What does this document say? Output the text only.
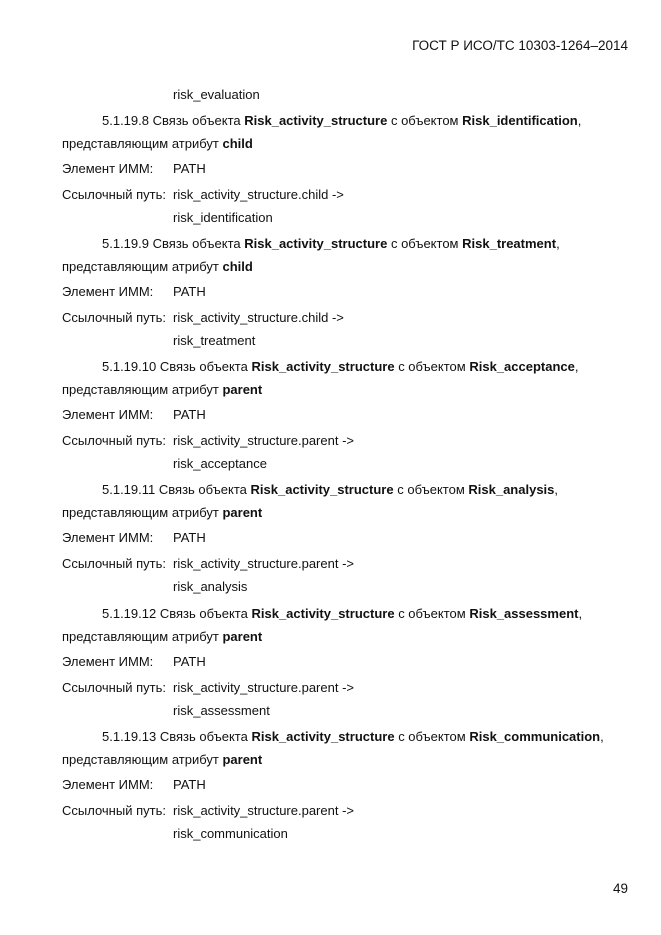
ГОСТ Р ИСО/ТС 10303-1264–2014
risk_evaluation
5.1.19.8 Связь объекта Risk_activity_structure с объектом Risk_identification,
представляющим атрибут child
Элемент ИММ: PATH
Ссылочный путь: risk_activity_structure.child ->
risk_identification
5.1.19.9 Связь объекта Risk_activity_structure с объектом Risk_treatment,
представляющим атрибут child
Элемент ИММ: PATH
Ссылочный путь: risk_activity_structure.child ->
risk_treatment
5.1.19.10 Связь объекта Risk_activity_structure с объектом Risk_acceptance,
представляющим атрибут parent
Элемент ИММ: PATH
Ссылочный путь: risk_activity_structure.parent ->
risk_acceptance
5.1.19.11 Связь объекта Risk_activity_structure с объектом Risk_analysis,
представляющим атрибут parent
Элемент ИММ: PATH
Ссылочный путь: risk_activity_structure.parent ->
risk_analysis
5.1.19.12 Связь объекта Risk_activity_structure с объектом Risk_assessment,
представляющим атрибут parent
Элемент ИММ: PATH
Ссылочный путь: risk_activity_structure.parent ->
risk_assessment
5.1.19.13 Связь объекта Risk_activity_structure с объектом Risk_communication,
представляющим атрибут parent
Элемент ИММ: PATH
Ссылочный путь: risk_activity_structure.parent ->
risk_communication
49
